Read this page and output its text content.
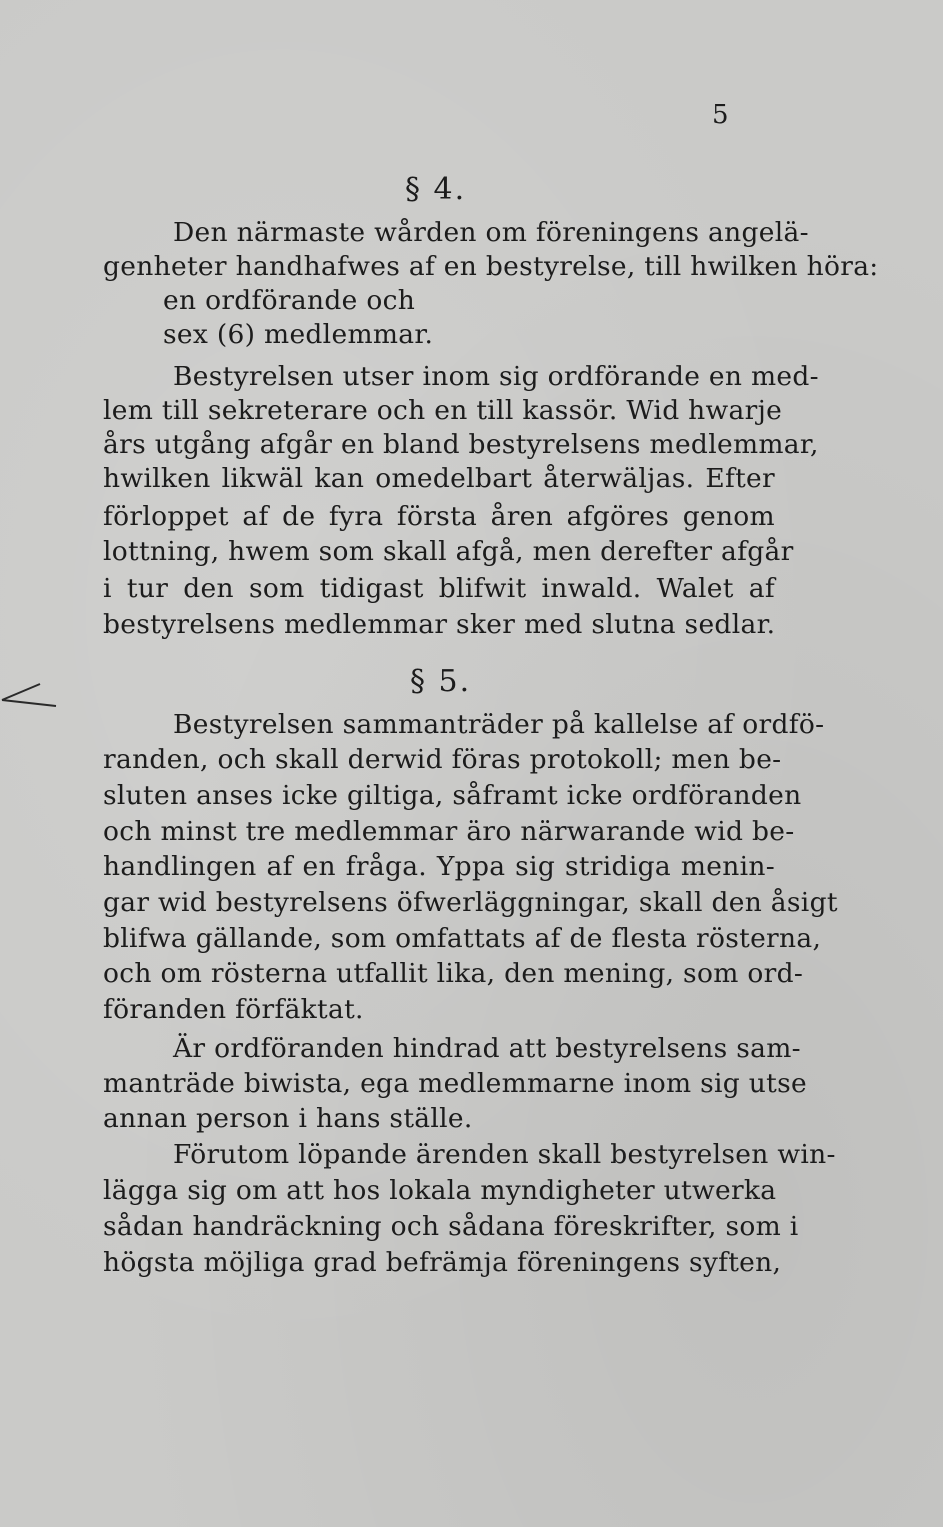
5
§ 4.
Den närmaste wården om föreningens angelä-
genheter handhafwes af en bestyrelse, till hwilken höra:
en ordförande och
sex (6) medlemmar.
Bestyrelsen utser inom sig ordförande en med-
lem till sekreterare och en till kassör. Wid hwarje
års utgång afgår en bland bestyrelsens medlemmar,
hwilken likwäl kan omedelbart återwäljas. Efter
förloppet af de fyra första åren afgöres genom
lottning, hwem som skall afgå, men derefter afgår
i tur den som tidigast blifwit inwald. Walet af
bestyrelsens medlemmar sker med slutna sedlar.
§ 5.
Bestyrelsen sammanträder på kallelse af ordfö-
randen, och skall derwid föras protokoll; men be-
sluten anses icke giltiga, såframt icke ordföranden
och minst tre medlemmar äro närwarande wid be-
handlingen af en fråga. Yppa sig stridiga menin-
gar wid bestyrelsens öfwerläggningar, skall den åsigt
blifwa gällande, som omfattats af de flesta rösterna,
och om rösterna utfallit lika, den mening, som ord-
föranden förfäktat.
Är ordföranden hindrad att bestyrelsens sam-
manträde biwista, ega medlemmarne inom sig utse
annan person i hans ställe.
Förutom löpande ärenden skall bestyrelsen win-
lägga sig om att hos lokala myndigheter utwerka
sådan handräckning och sådana föreskrifter, som i
högsta möjliga grad befrämja föreningens syften,
